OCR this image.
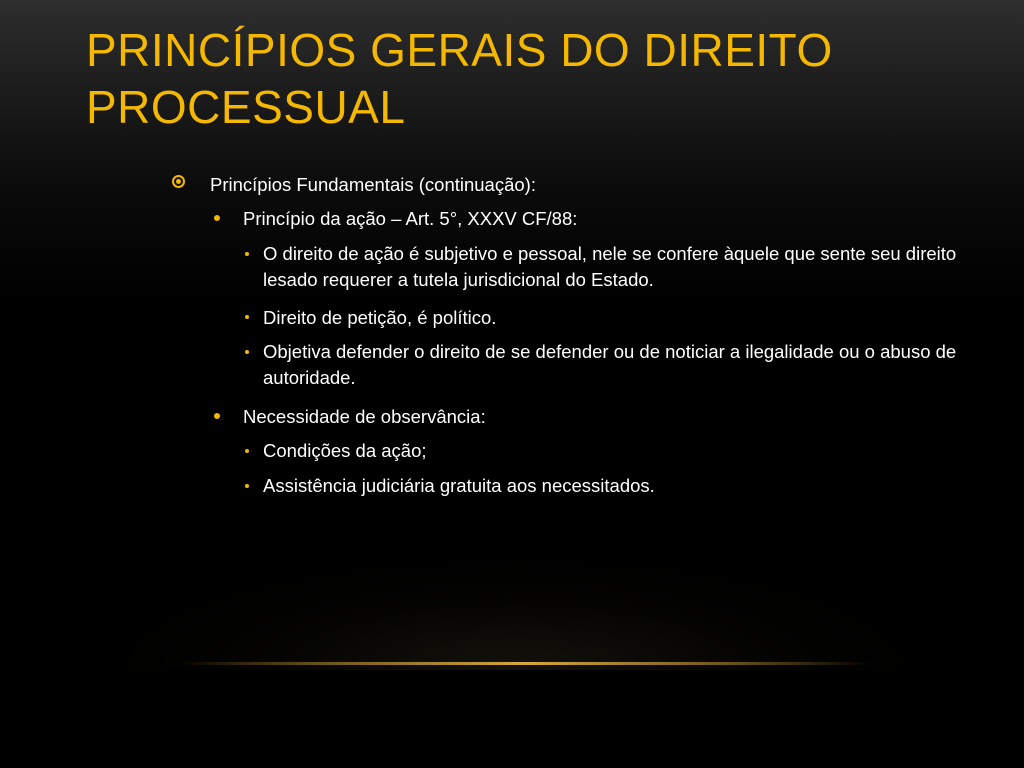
PRINCÍPIOS GERAIS DO DIREITO
PROCESSUAL
Princípios Fundamentais (continuação):
Princípio da ação – Art. 5°, XXXV CF/88:
O direito de ação é subjetivo e pessoal, nele se confere àquele que sente seu direito lesado requerer a tutela jurisdicional do Estado.
Direito de petição, é político.
Objetiva defender o direito de se defender ou de noticiar a ilegalidade ou o abuso de autoridade.
Necessidade de observância:
Condições da ação;
Assistência judiciária gratuita aos necessitados.
